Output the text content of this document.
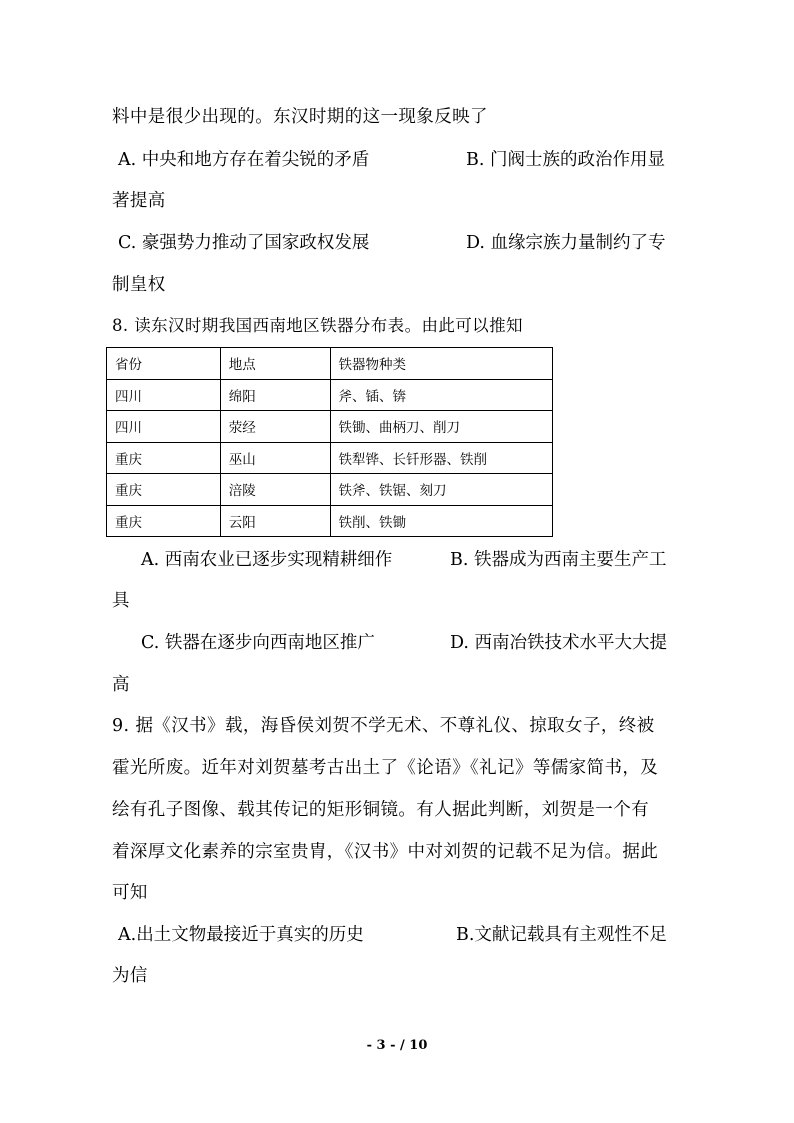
料中是很少出现的。东汉时期的这一现象反映了
A. 中央和地方存在着尖锐的矛盾	B. 门阀士族的政治作用显
著提高
C. 豪强势力推动了国家政权发展	D. 血缘宗族力量制约了专
制皇权
8. 读东汉时期我国西南地区铁器分布表。由此可以推知
省份	地点	铁器物种类
四川	绵阳	斧、锸、锛
四川	荥经	铁锄、曲柄刀、削刀
重庆	巫山	铁犁铧、长钎形器、铁削
重庆	涪陵	铁斧、铁锯、刻刀
重庆	云阳	铁削、铁锄
A. 西南农业已逐步实现精耕细作	B. 铁器成为西南主要生产工
具
C. 铁器在逐步向西南地区推广	D. 西南冶铁技术水平大大提
高
9. 据《汉书》载，海昏侯刘贺不学无术、不尊礼仪、掠取女子，终被
霍光所废。近年对刘贺墓考古出土了《论语》《礼记》等儒家简书，及
绘有孔子图像、载其传记的矩形铜镜。有人据此判断，刘贺是一个有
着深厚文化素养的宗室贵胄，《汉书》中对刘贺的记载不足为信。据此
可知
A.出土文物最接近于真实的历史	B.文献记载具有主观性不足
为信
- 3 - / 10
